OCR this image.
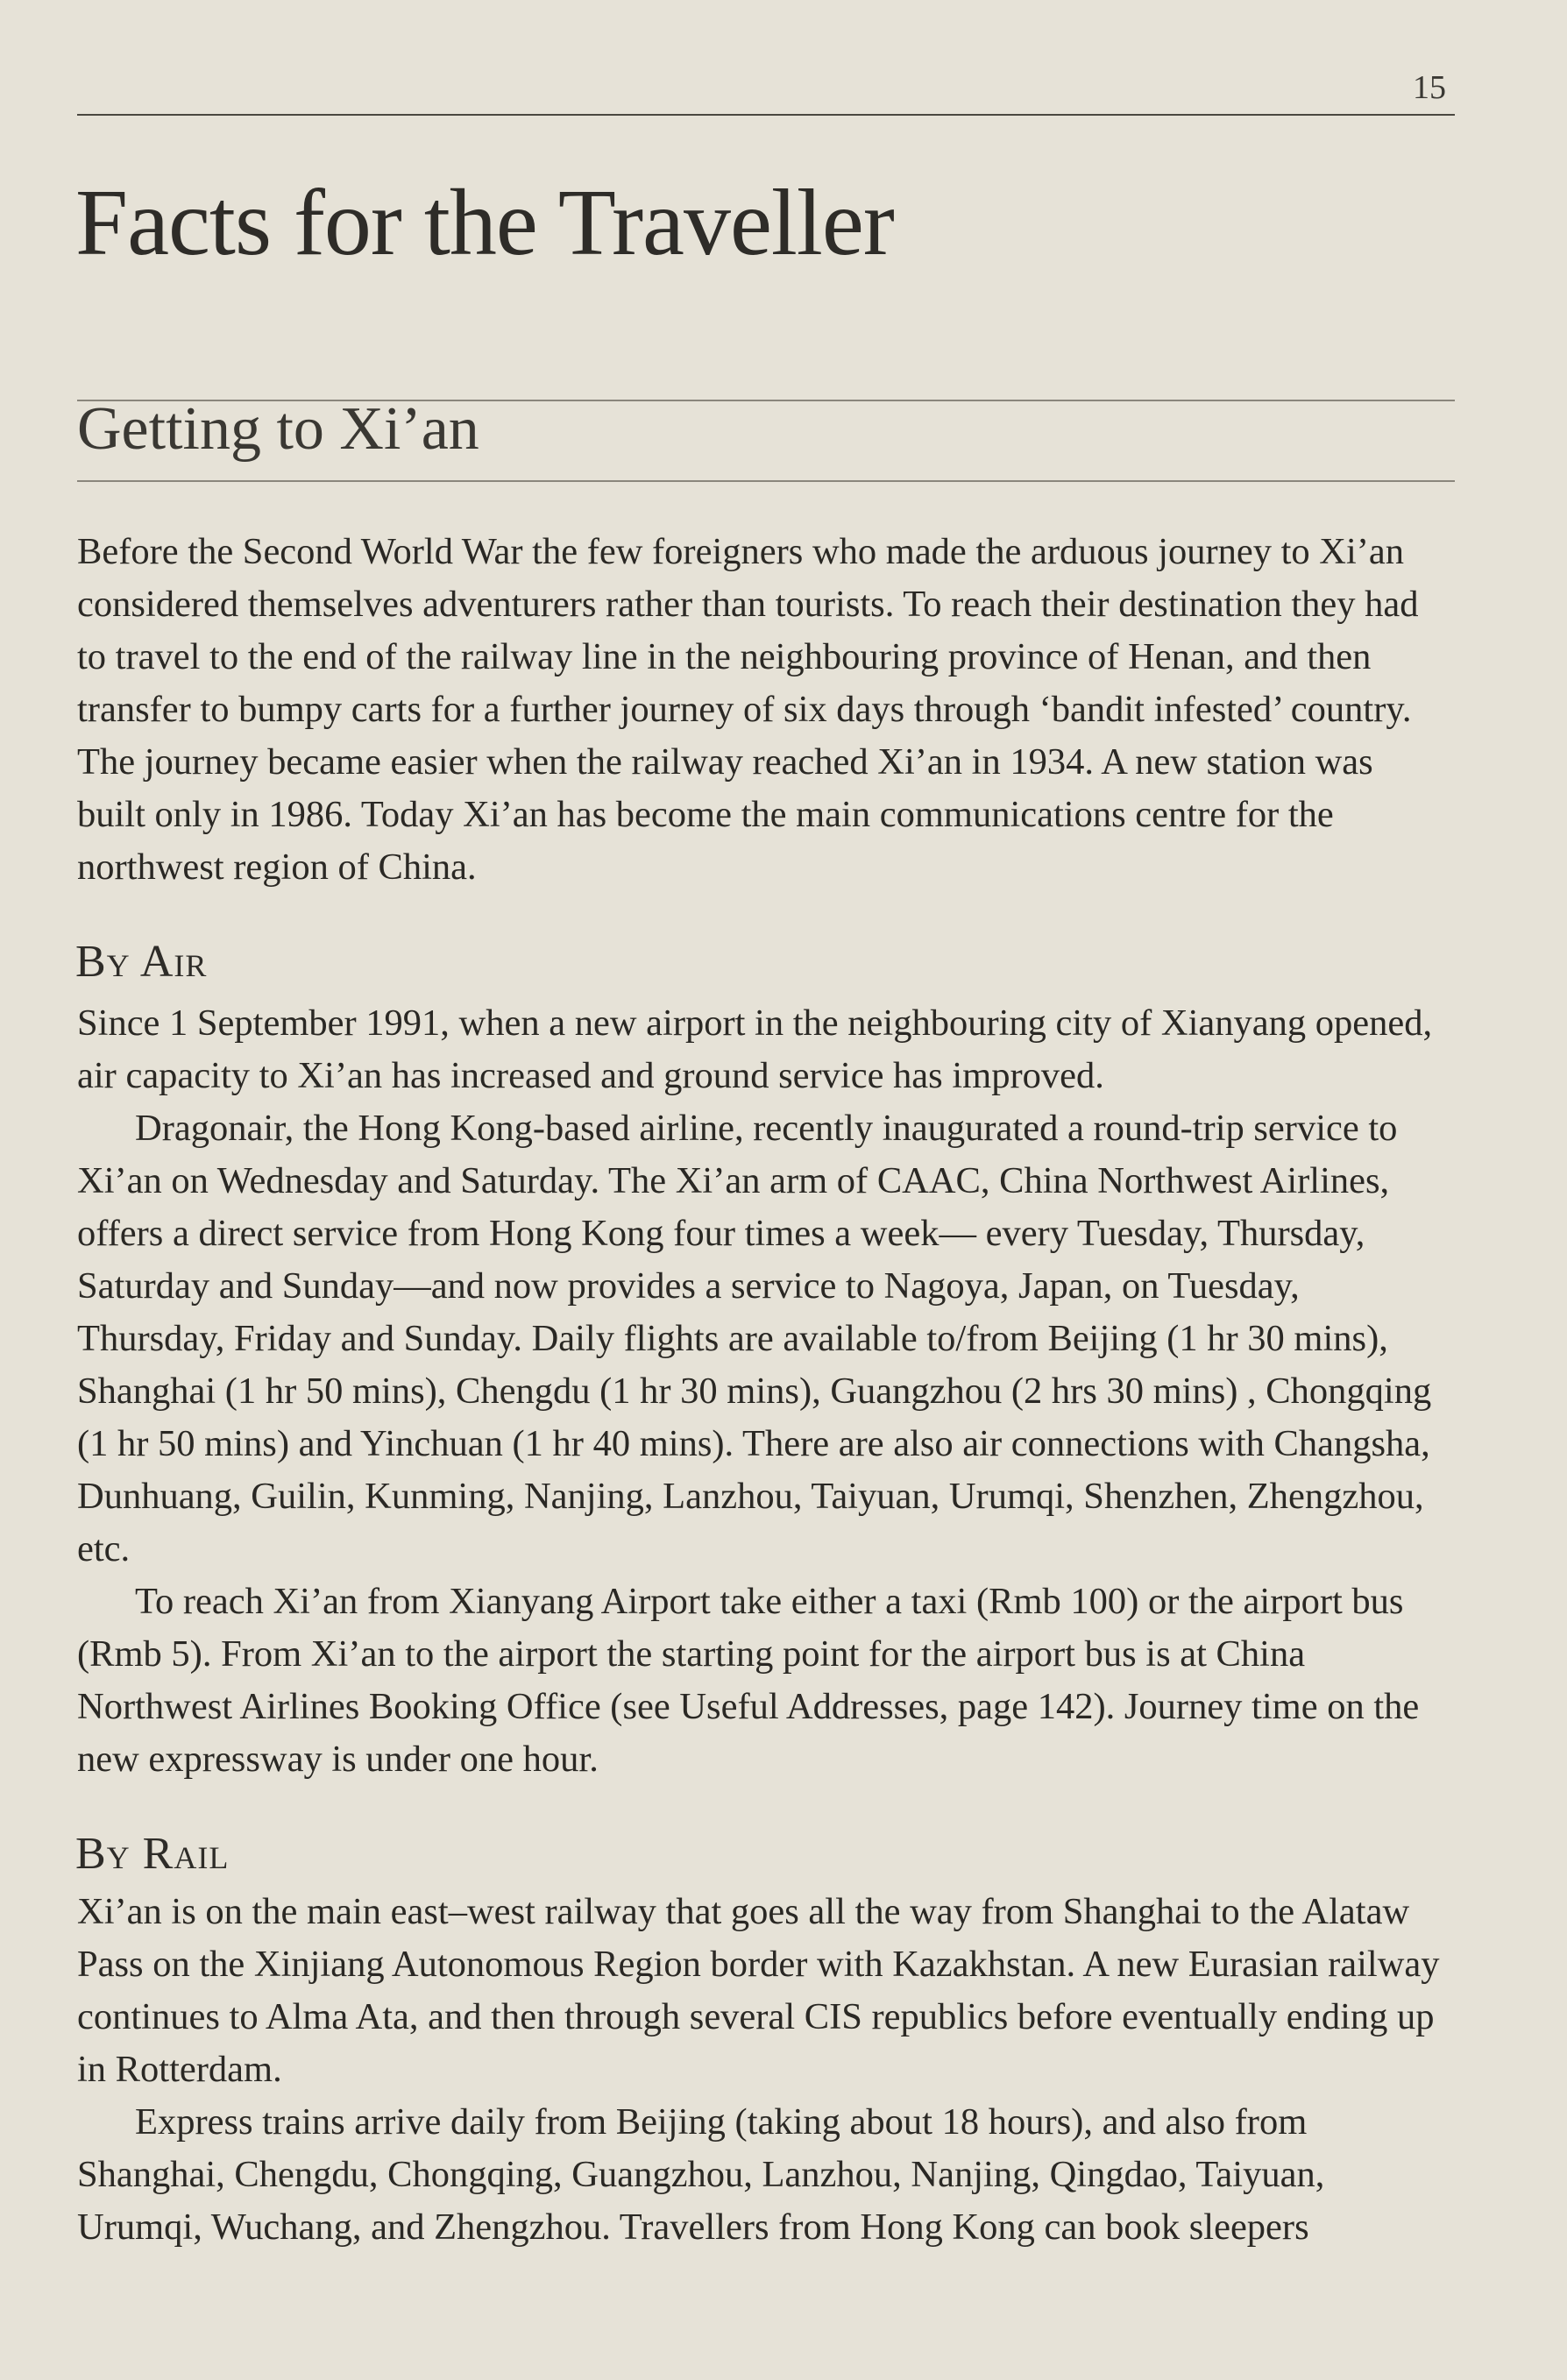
15
Facts for the Traveller
Getting to Xi’an

Before the Second World War the few foreigners who made the arduous journey to Xi’an considered themselves adventurers rather than tourists. To reach their destination they had to travel to the end of the railway line in the neighbouring province of Henan, and then transfer to bumpy carts for a further journey of six days through ‘bandit infested’ country. The journey became easier when the railway reached Xi’an in 1934. A new station was built only in 1986. Today Xi’an has become the main communications centre for the northwest region of China.

By Air

Since 1 September 1991, when a new airport in the neighbouring city of Xianyang opened, air capacity to Xi’an has increased and ground service has improved.

Dragonair, the Hong Kong-based airline, recently inaugurated a round-trip service to Xi’an on Wednesday and Saturday. The Xi’an arm of CAAC, China Northwest Airlines, offers a direct service from Hong Kong four times a week— every Tuesday, Thursday, Saturday and Sunday—and now provides a service to Nagoya, Japan, on Tuesday, Thursday, Friday and Sunday. Daily flights are available to/from Beijing (1 hr 30 mins), Shanghai (1 hr 50 mins), Chengdu (1 hr 30 mins), Guangzhou (2 hrs 30 mins) , Chongqing (1 hr 50 mins) and Yinchuan (1 hr 40 mins). There are also air connections with Changsha, Dunhuang, Guilin, Kunming, Nanjing, Lanzhou, Taiyuan, Urumqi, Shenzhen, Zhengzhou, etc.

To reach Xi’an from Xianyang Airport take either a taxi (Rmb 100) or the airport bus (Rmb 5). From Xi’an to the airport the starting point for the airport bus is at China Northwest Airlines Booking Office (see Useful Addresses, page 142). Journey time on the new expressway is under one hour.

By Rail

Xi’an is on the main east–west railway that goes all the way from Shanghai to the Alataw Pass on the Xinjiang Autonomous Region border with Kazakhstan. A new Eurasian railway continues to Alma Ata, and then through several CIS republics before eventually ending up in Rotterdam.

Express trains arrive daily from Beijing (taking about 18 hours), and also from Shanghai, Chengdu, Chongqing, Guangzhou, Lanzhou, Nanjing, Qingdao, Taiyuan, Urumqi, Wuchang, and Zhengzhou. Travellers from Hong Kong can book sleepers
